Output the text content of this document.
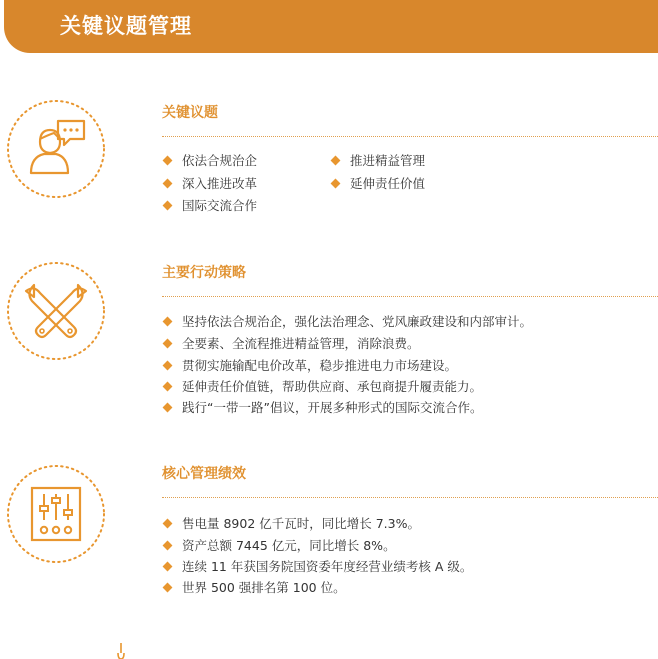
关键议题管理
关键议题
依法合规治企
深入推进改革
国际交流合作
推进精益管理
延伸责任价值
主要行动策略
坚持依法合规治企，强化法治理念、党风廉政建设和内部审计。
全要素、全流程推进精益管理，消除浪费。
贯彻实施输配电价改革，稳步推进电力市场建设。
延伸责任价值链，帮助供应商、承包商提升履责能力。
践行“一带一路”倡议，开展多种形式的国际交流合作。
核心管理绩效
售电量 8902 亿千瓦时，同比增长 7.3%。
资产总额 7445 亿元，同比增长 8%。
连续 11 年获国务院国资委年度经营业绩考核 A 级。
世界 500 强排名第 100 位。
